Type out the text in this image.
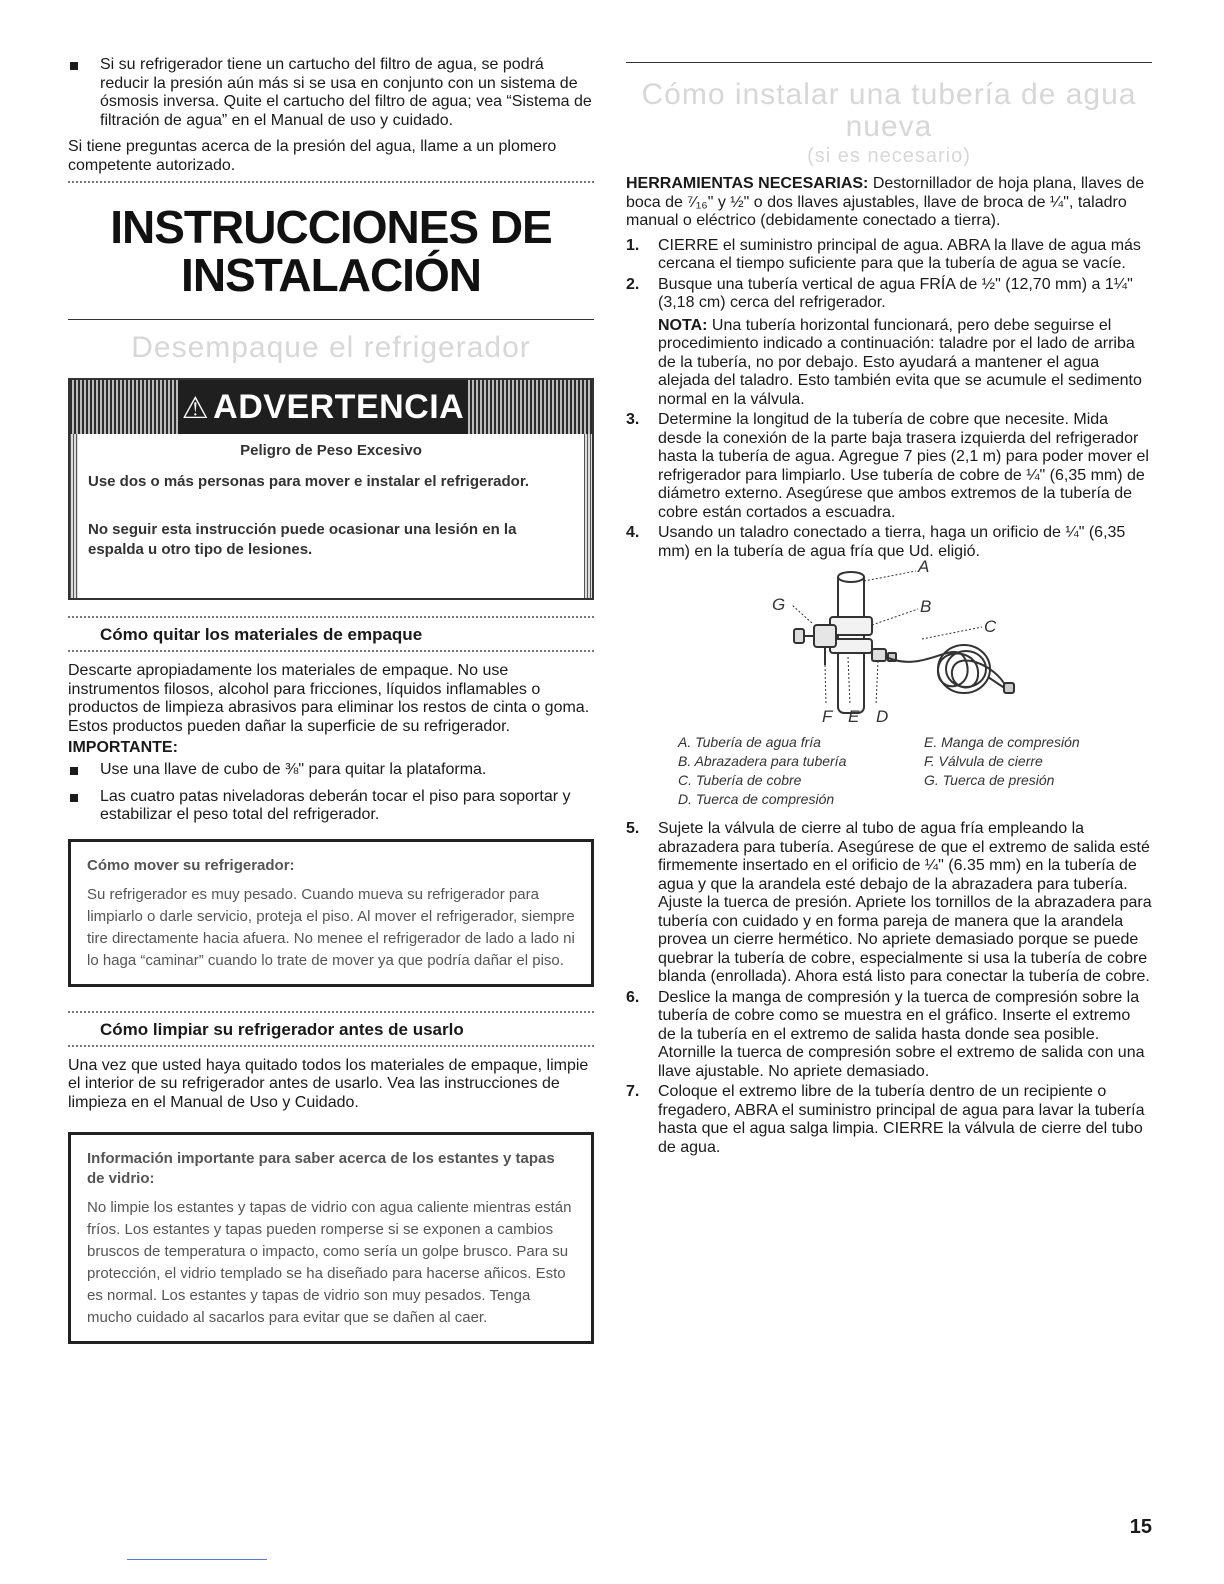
Si su refrigerador tiene un cartucho del filtro de agua, se podrá reducir la presión aún más si se usa en conjunto con un sistema de ósmosis inversa. Quite el cartucho del filtro de agua; vea “Sistema de filtración de agua” en el Manual de uso y cuidado.

Si tiene preguntas acerca de la presión del agua, llame a un plomero competente autorizado.

INSTRUCCIONES DE
INSTALACIÓN
Desempaque el refrigerador
⚠ ADVERTENCIA
Peligro de Peso Excesivo
Use dos o más personas para mover e instalar el refrigerador.
No seguir esta instrucción puede ocasionar una lesión en la espalda u otro tipo de lesiones.
Cómo quitar los materiales de empaque

Descarte apropiadamente los materiales de empaque. No use instrumentos filosos, alcohol para fricciones, líquidos inflamables o productos de limpieza abrasivos para eliminar los restos de cinta o goma. Estos productos pueden dañar la superficie de su refrigerador.

IMPORTANTE:
Use una llave de cubo de ⅜" para quitar la plataforma.
Las cuatro patas niveladoras deberán tocar el piso para soportar y estabilizar el peso total del refrigerador.
Cómo mover su refrigerador:
Su refrigerador es muy pesado. Cuando mueva su refrigerador para limpiarlo o darle servicio, proteja el piso. Al mover el refrigerador, siempre tire directamente hacia afuera. No menee el refrigerador de lado a lado ni lo haga “caminar” cuando lo trate de mover ya que podría dañar el piso.
Cómo limpiar su refrigerador antes de usarlo

Una vez que usted haya quitado todos los materiales de empaque, limpie el interior de su refrigerador antes de usarlo. Vea las instrucciones de limpieza en el Manual de Uso y Cuidado.

Información importante para saber acerca de los estantes y tapas de vidrio:
No limpie los estantes y tapas de vidrio con agua caliente mientras están fríos. Los estantes y tapas pueden romperse si se exponen a cambios bruscos de temperatura o impacto, como sería un golpe brusco. Para su protección, el vidrio templado se ha diseñado para hacerse añicos. Esto es normal. Los estantes y tapas de vidrio son muy pesados. Tenga mucho cuidado al sacarlos para evitar que se dañen al caer.
Cómo instalar una tubería de agua
nueva
(si es necesario)

HERRAMIENTAS NECESARIAS: Destornillador de hoja plana, llaves de boca de ⁷⁄₁₆" y ½" o dos llaves ajustables, llave de broca de ¼", taladro manual o eléctrico (debidamente conectado a tierra).

1. CIERRE el suministro principal de agua. ABRA la llave de agua más cercana el tiempo suficiente para que la tubería de agua se vacíe.
2. Busque una tubería vertical de agua FRÍA de ½" (12,70 mm) a 1¼" (3,18 cm) cerca del refrigerador.

NOTA: Una tubería horizontal funcionará, pero debe seguirse el procedimiento indicado a continuación: taladre por el lado de arriba de la tubería, no por debajo. Esto ayudará a mantener el agua alejada del taladro. Esto también evita que se acumule el sedimento normal en la válvula.

3. Determine la longitud de la tubería de cobre que necesite. Mida desde la conexión de la parte baja trasera izquierda del refrigerador hasta la tubería de agua. Agregue 7 pies (2,1 m) para poder mover el refrigerador para limpiarlo. Use tubería de cobre de ¼" (6,35 mm) de diámetro externo. Asegúrese que ambos extremos de la tubería de cobre están cortados a escuadra.
4. Usando un taladro conectado a tierra, haga un orificio de ¼" (6,35 mm) en la tubería de agua fría que Ud. eligió.
A
B
C
G
F E D
A. Tubería de agua fría	E. Manga de compresión
B. Abrazadera para tubería	F. Válvula de cierre
C. Tubería de cobre	G. Tuerca de presión
D. Tuerca de compresión
5. Sujete la válvula de cierre al tubo de agua fría empleando la abrazadera para tubería. Asegúrese de que el extremo de salida esté firmemente insertado en el orificio de ¼" (6.35 mm) en la tubería de agua y que la arandela esté debajo de la abrazadera para tubería. Ajuste la tuerca de presión. Apriete los tornillos de la abrazadera para tubería con cuidado y en forma pareja de manera que la arandela provea un cierre hermético. No apriete demasiado porque se puede quebrar la tubería de cobre, especialmente si usa la tubería de cobre blanda (enrollada). Ahora está listo para conectar la tubería de cobre.
6. Deslice la manga de compresión y la tuerca de compresión sobre la tubería de cobre como se muestra en el gráfico. Inserte el extremo de la tubería en el extremo de salida hasta donde sea posible. Atornille la tuerca de compresión sobre el extremo de salida con una llave ajustable. No apriete demasiado.
7. Coloque el extremo libre de la tubería dentro de un recipiente o fregadero, ABRA el suministro principal de agua para lavar la tubería hasta que el agua salga limpia. CIERRE la válvula de cierre del tubo de agua.
15
